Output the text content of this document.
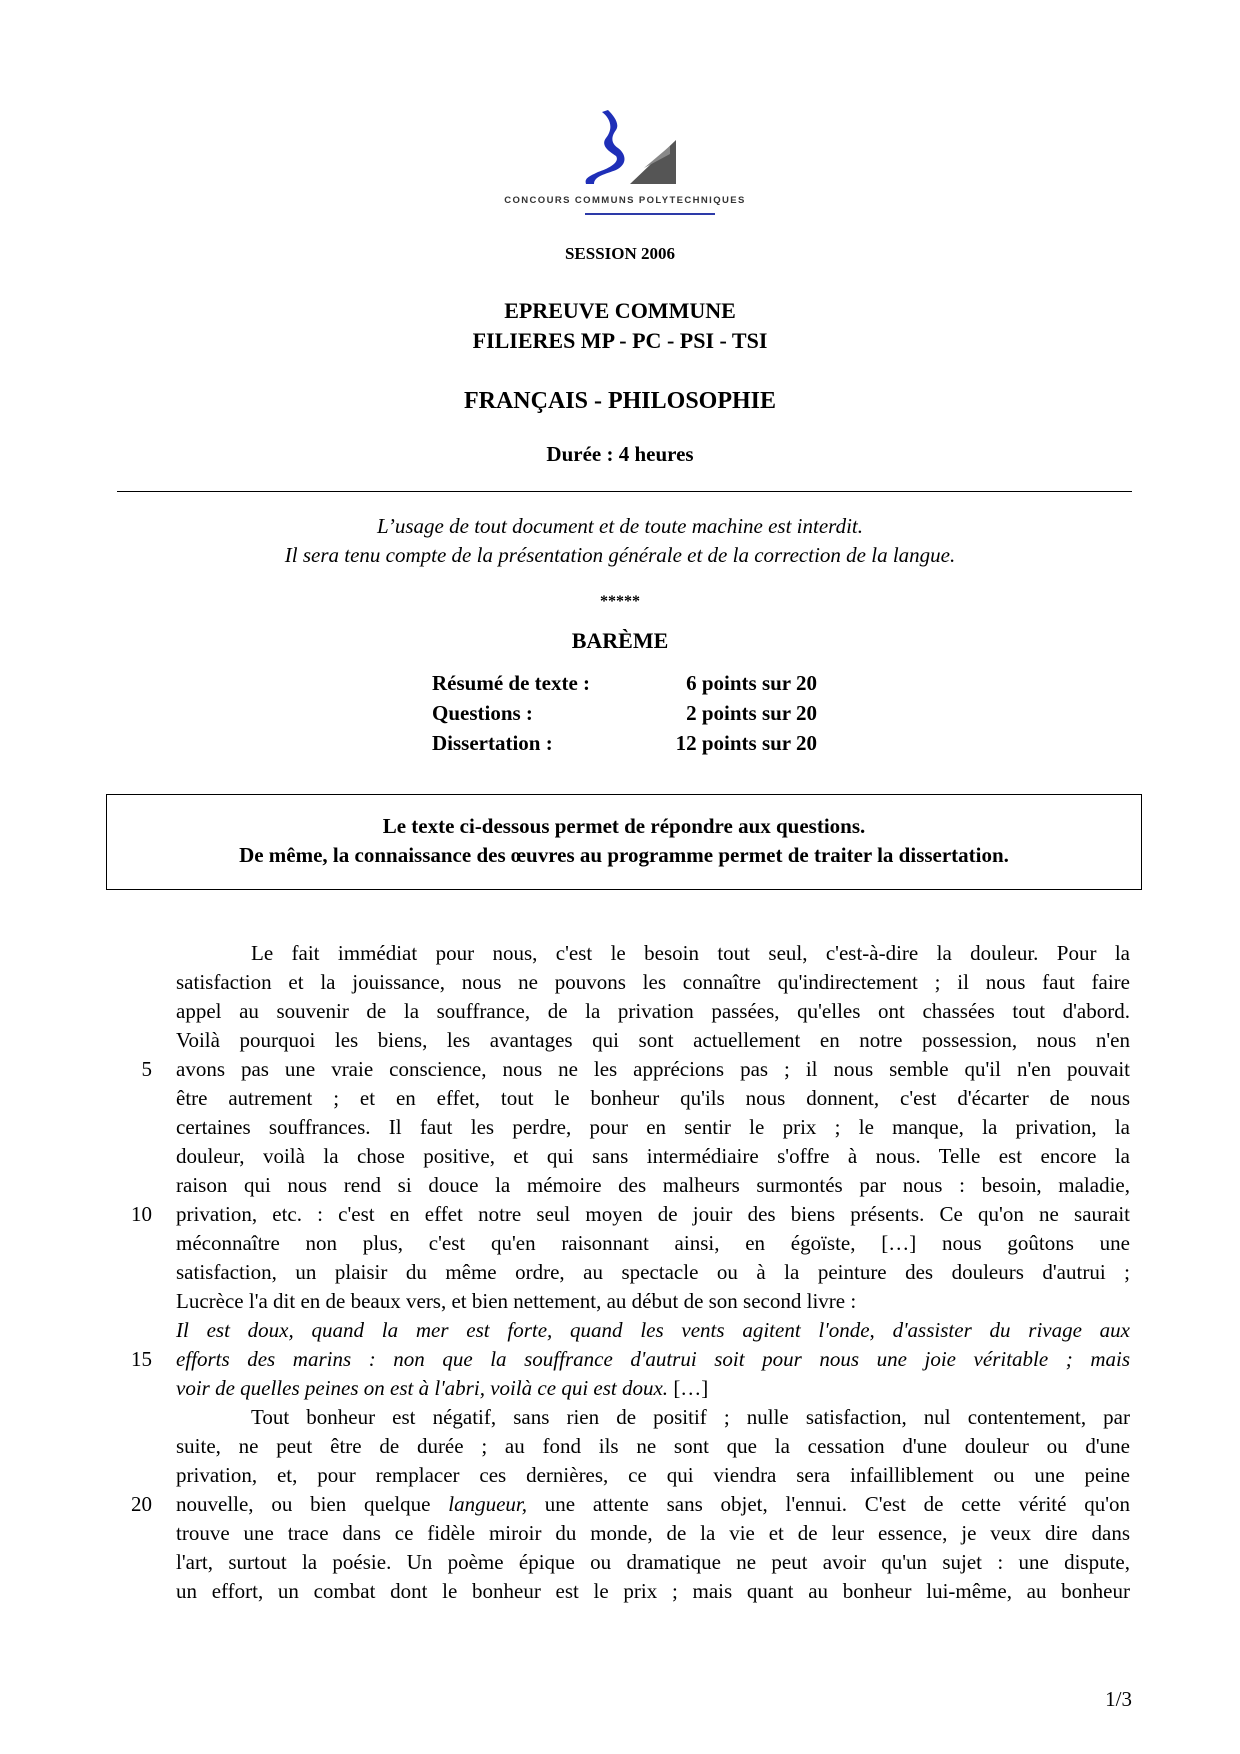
CONCOURS COMMUNS POLYTECHNIQUES
SESSION 2006
EPREUVE COMMUNE
FILIERES MP - PC - PSI - TSI
FRANÇAIS - PHILOSOPHIE
Durée : 4 heures
L’usage de tout document et de toute machine est interdit.
Il sera tenu compte de la présentation générale et de la correction de la langue.
*****
BARÈME
Résumé de texte :	6 points sur 20
Questions :	2 points sur 20
Dissertation :	12 points sur 20
Le texte ci-dessous permet de répondre aux questions.
De même, la connaissance des œuvres au programme permet de traiter la dissertation.
Le fait immédiat pour nous, c'est le besoin tout seul, c'est-à-dire la douleur. Pour la
satisfaction et la jouissance, nous ne pouvons les connaître qu'indirectement ; il nous faut faire
appel au souvenir de la souffrance, de la privation passées, qu'elles ont chassées tout d'abord.
Voilà pourquoi les biens, les avantages qui sont actuellement en notre possession, nous n'en
avons pas une vraie conscience, nous ne les apprécions pas ; il nous semble qu'il n'en pouvait
être autrement ; et en effet, tout le bonheur qu'ils nous donnent, c'est d'écarter de nous
certaines souffrances. Il faut les perdre, pour en sentir le prix ; le manque, la privation, la
douleur, voilà la chose positive, et qui sans intermédiaire s'offre à nous. Telle est encore la
raison qui nous rend si douce la mémoire des malheurs surmontés par nous : besoin, maladie,
privation, etc. : c'est en effet notre seul moyen de jouir des biens présents. Ce qu'on ne saurait
méconnaître non plus, c'est qu'en raisonnant ainsi, en égoïste, […] nous goûtons une
satisfaction, un plaisir du même ordre, au spectacle ou à la peinture des douleurs d'autrui ;
Lucrèce l'a dit en de beaux vers, et bien nettement, au début de son second livre :
Il est doux, quand la mer est forte, quand les vents agitent l'onde, d'assister du rivage aux
efforts des marins : non que la souffrance d'autrui soit pour nous une joie véritable ; mais
voir de quelles peines on est à l'abri, voilà ce qui est doux. […]
Tout bonheur est négatif, sans rien de positif ; nulle satisfaction, nul contentement, par
suite, ne peut être de durée ; au fond ils ne sont que la cessation d'une douleur ou d'une
privation, et, pour remplacer ces dernières, ce qui viendra sera infailliblement ou une peine
nouvelle, ou bien quelque langueur, une attente sans objet, l'ennui. C'est de cette vérité qu'on
trouve une trace dans ce fidèle miroir du monde, de la vie et de leur essence, je veux dire dans
l'art, surtout la poésie. Un poème épique ou dramatique ne peut avoir qu'un sujet : une dispute,
un effort, un combat dont le bonheur est le prix ; mais quant au bonheur lui-même, au bonheur
5
10
15
20
1/3
